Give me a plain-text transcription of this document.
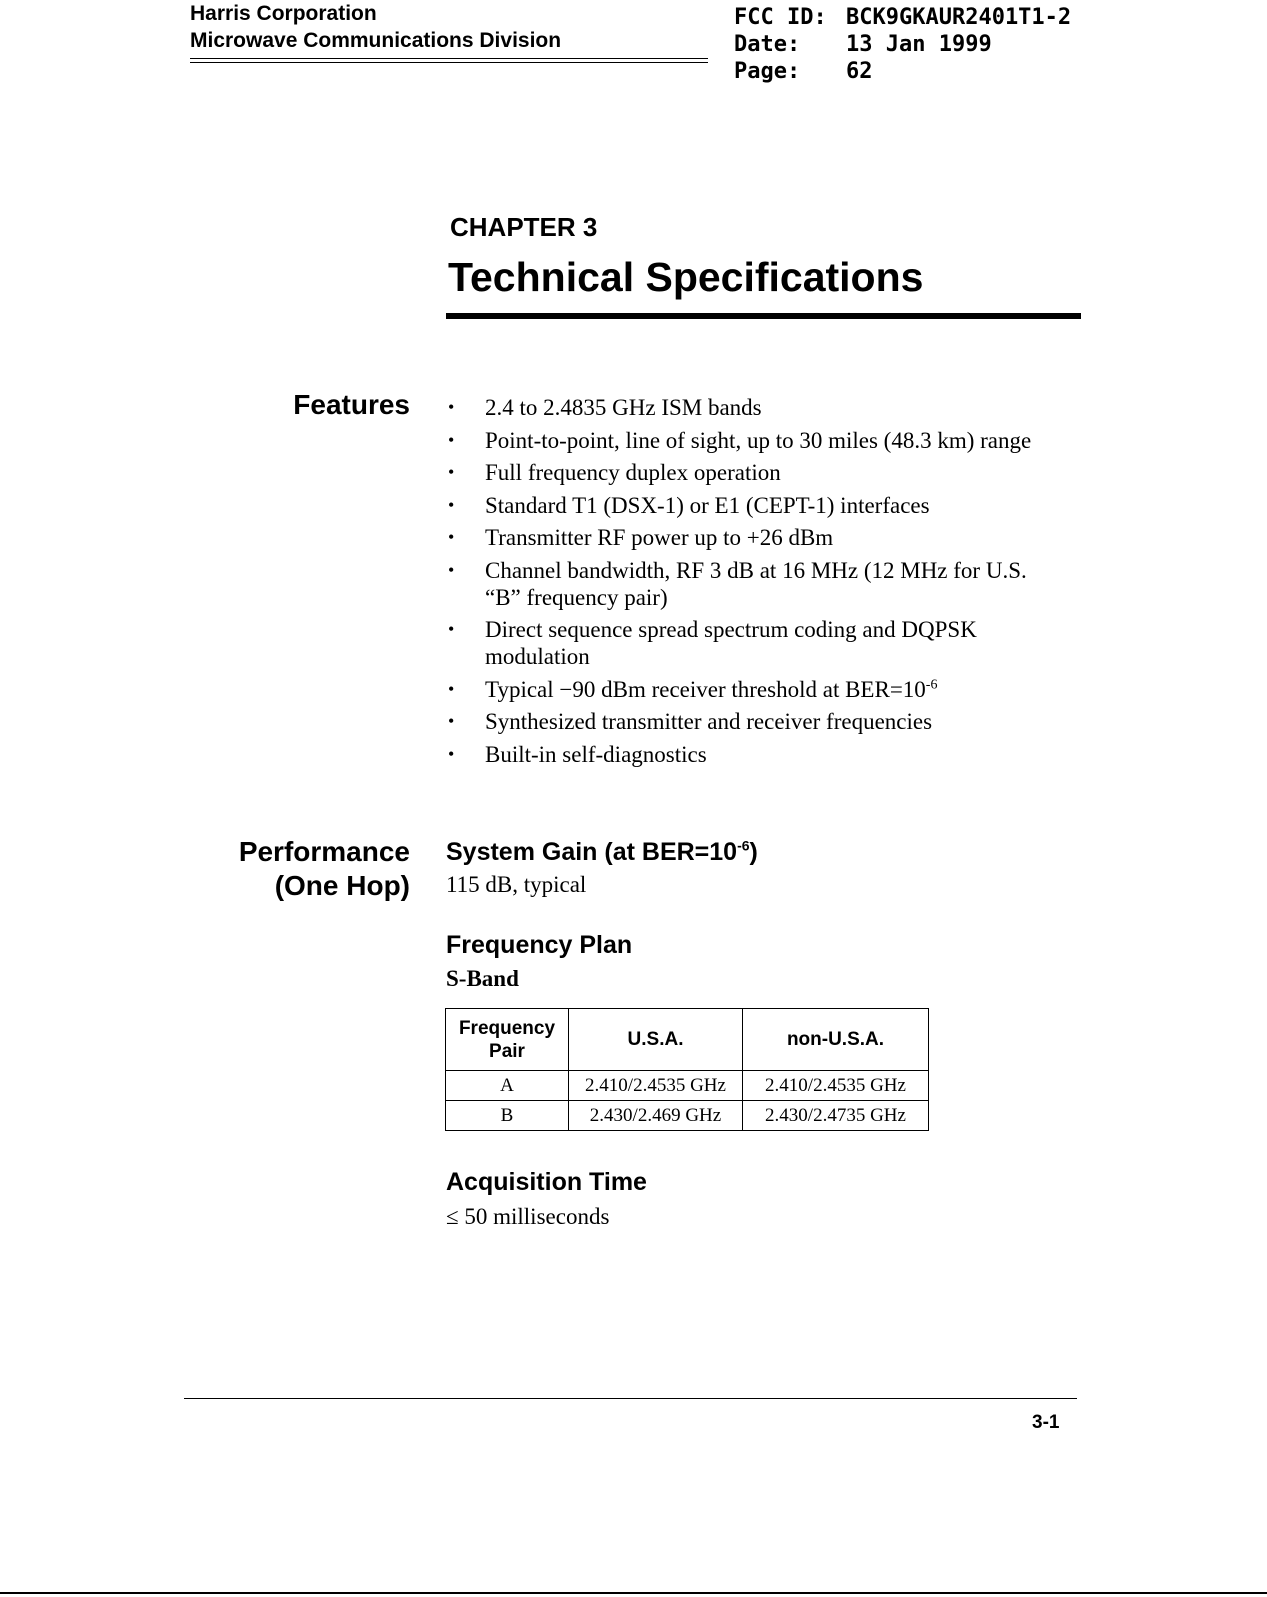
Harris Corporation
Microwave Communications Division
FCC ID: BCK9GKAUR2401T1-2
Date:	13 Jan 1999
Page:	62
CHAPTER 3
Technical Specifications
Features	• 2.4 to 2.4835 GHz ISM bands
• Point-to-point, line of sight, up to 30 miles (48.3 km) range
• Full frequency duplex operation
• Standard T1 (DSX-1) or E1 (CEPT-1) interfaces
• Transmitter RF power up to +26 dBm
• Channel bandwidth, RF 3 dB at 16 MHz (12 MHz for U.S. “B” frequency pair)
• Direct sequence spread spectrum coding and DQPSK modulation
• Typical −90 dBm receiver threshold at $BER=10^{-6}$
• Synthesized transmitter and receiver frequencies
• Built-in self-diagnostics
Performance
(One Hop)
System Gain (at $BER=10^{-6}$)
115 dB, typical
Frequency Plan
S-Band
Frequency Pair	U.S.A.	non-U.S.A.
A	2.410/2.4535 GHz	2.410/2.4535 GHz
B	2.430/2.469 GHz	2.430/2.4735 GHz
Acquisition Time
≤ 50 milliseconds
3-1
